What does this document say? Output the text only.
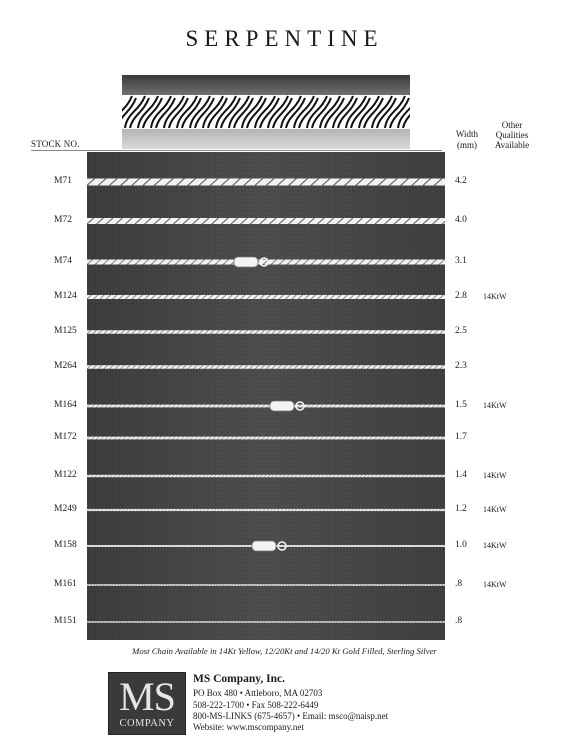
SERPENTINE
STOCK NO.
Width
(mm)
Other
Qualities
Available
M71	4.2
M72	4.0
M74	3.1
M124	2.8 14KtW
M125	2.5
M264	2.3
M164	1.5 14KtW
M172	1.7
M122	1.4 14KtW
M249	1.2 14KtW
M158	1.0 14KtW
M161	.8	14KtW
M151	.8
Most Chain Available in 14Kt Yellow, 12/20Kt and 14/20 Kt Gold Filled, Sterling Silver
MS
COMPANY
MS Company, Inc.
PO Box 480 • Attleboro, MA 02703
508-222-1700 • Fax 508-222-6449
800-MS-LINKS (675-4657) • Email: msco@naisp.net
Website: www.mscompany.net
